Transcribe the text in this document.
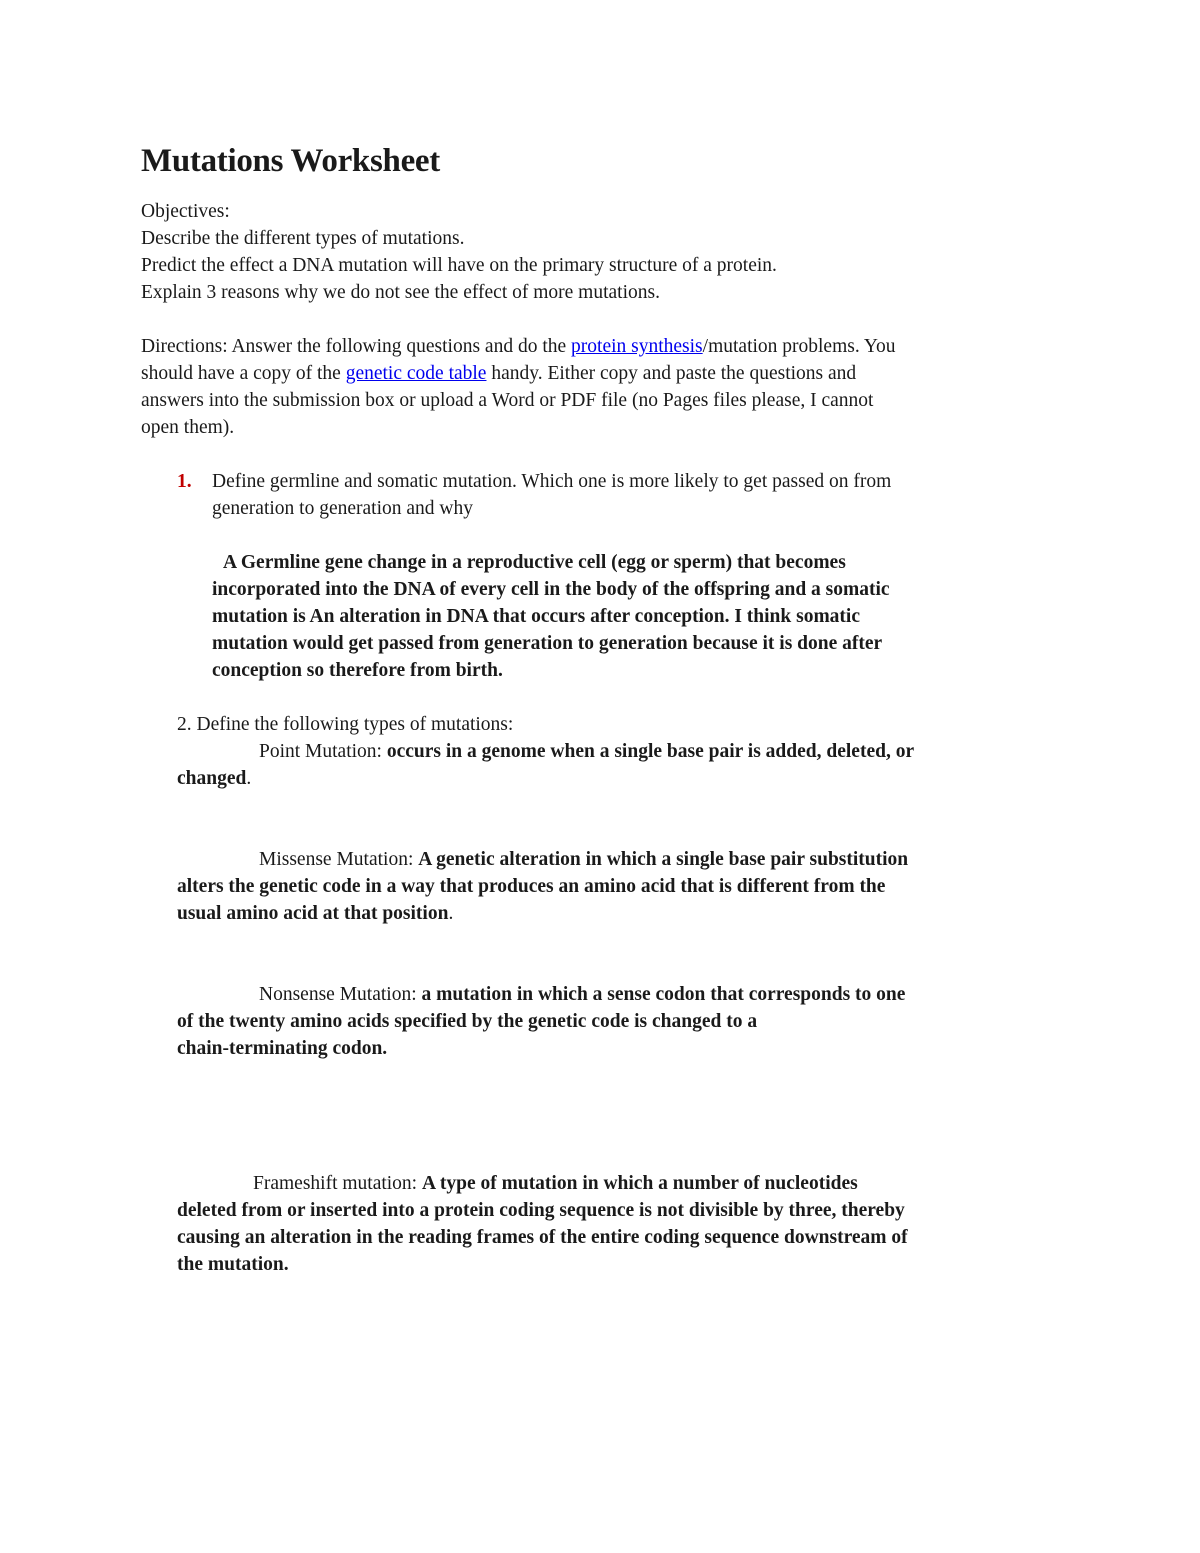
Mutations Worksheet
Objectives:
Describe the different types of mutations.
Predict the effect a DNA mutation will have on the primary structure of a protein.
Explain 3 reasons why we do not see the effect of more mutations.
Directions: Answer the following questions and do the protein synthesis/mutation problems. You
should have a copy of the genetic code table handy. Either copy and paste the questions and
answers into the submission box or upload a Word or PDF file (no Pages files please, I cannot
open them).
1. Define germline and somatic mutation. Which one is more likely to get passed on from
generation to generation and why
A Germline gene change in a reproductive cell (egg or sperm) that becomes
incorporated into the DNA of every cell in the body of the offspring and a somatic
mutation is An alteration in DNA that occurs after conception. I think somatic
mutation would get passed from generation to generation because it is done after
conception so therefore from birth.
2. Define the following types of mutations:
Point Mutation: occurs in a genome when a single base pair is added, deleted, or
changed.
Missense Mutation: A genetic alteration in which a single base pair substitution
alters the genetic code in a way that produces an amino acid that is different from the
usual amino acid at that position.
Nonsense Mutation: a mutation in which a sense codon that corresponds to one
of the twenty amino acids specified by the genetic code is changed to a
chain-terminating codon.
Frameshift mutation: A type of mutation in which a number of nucleotides
deleted from or inserted into a protein coding sequence is not divisible by three, thereby
causing an alteration in the reading frames of the entire coding sequence downstream of
the mutation.
